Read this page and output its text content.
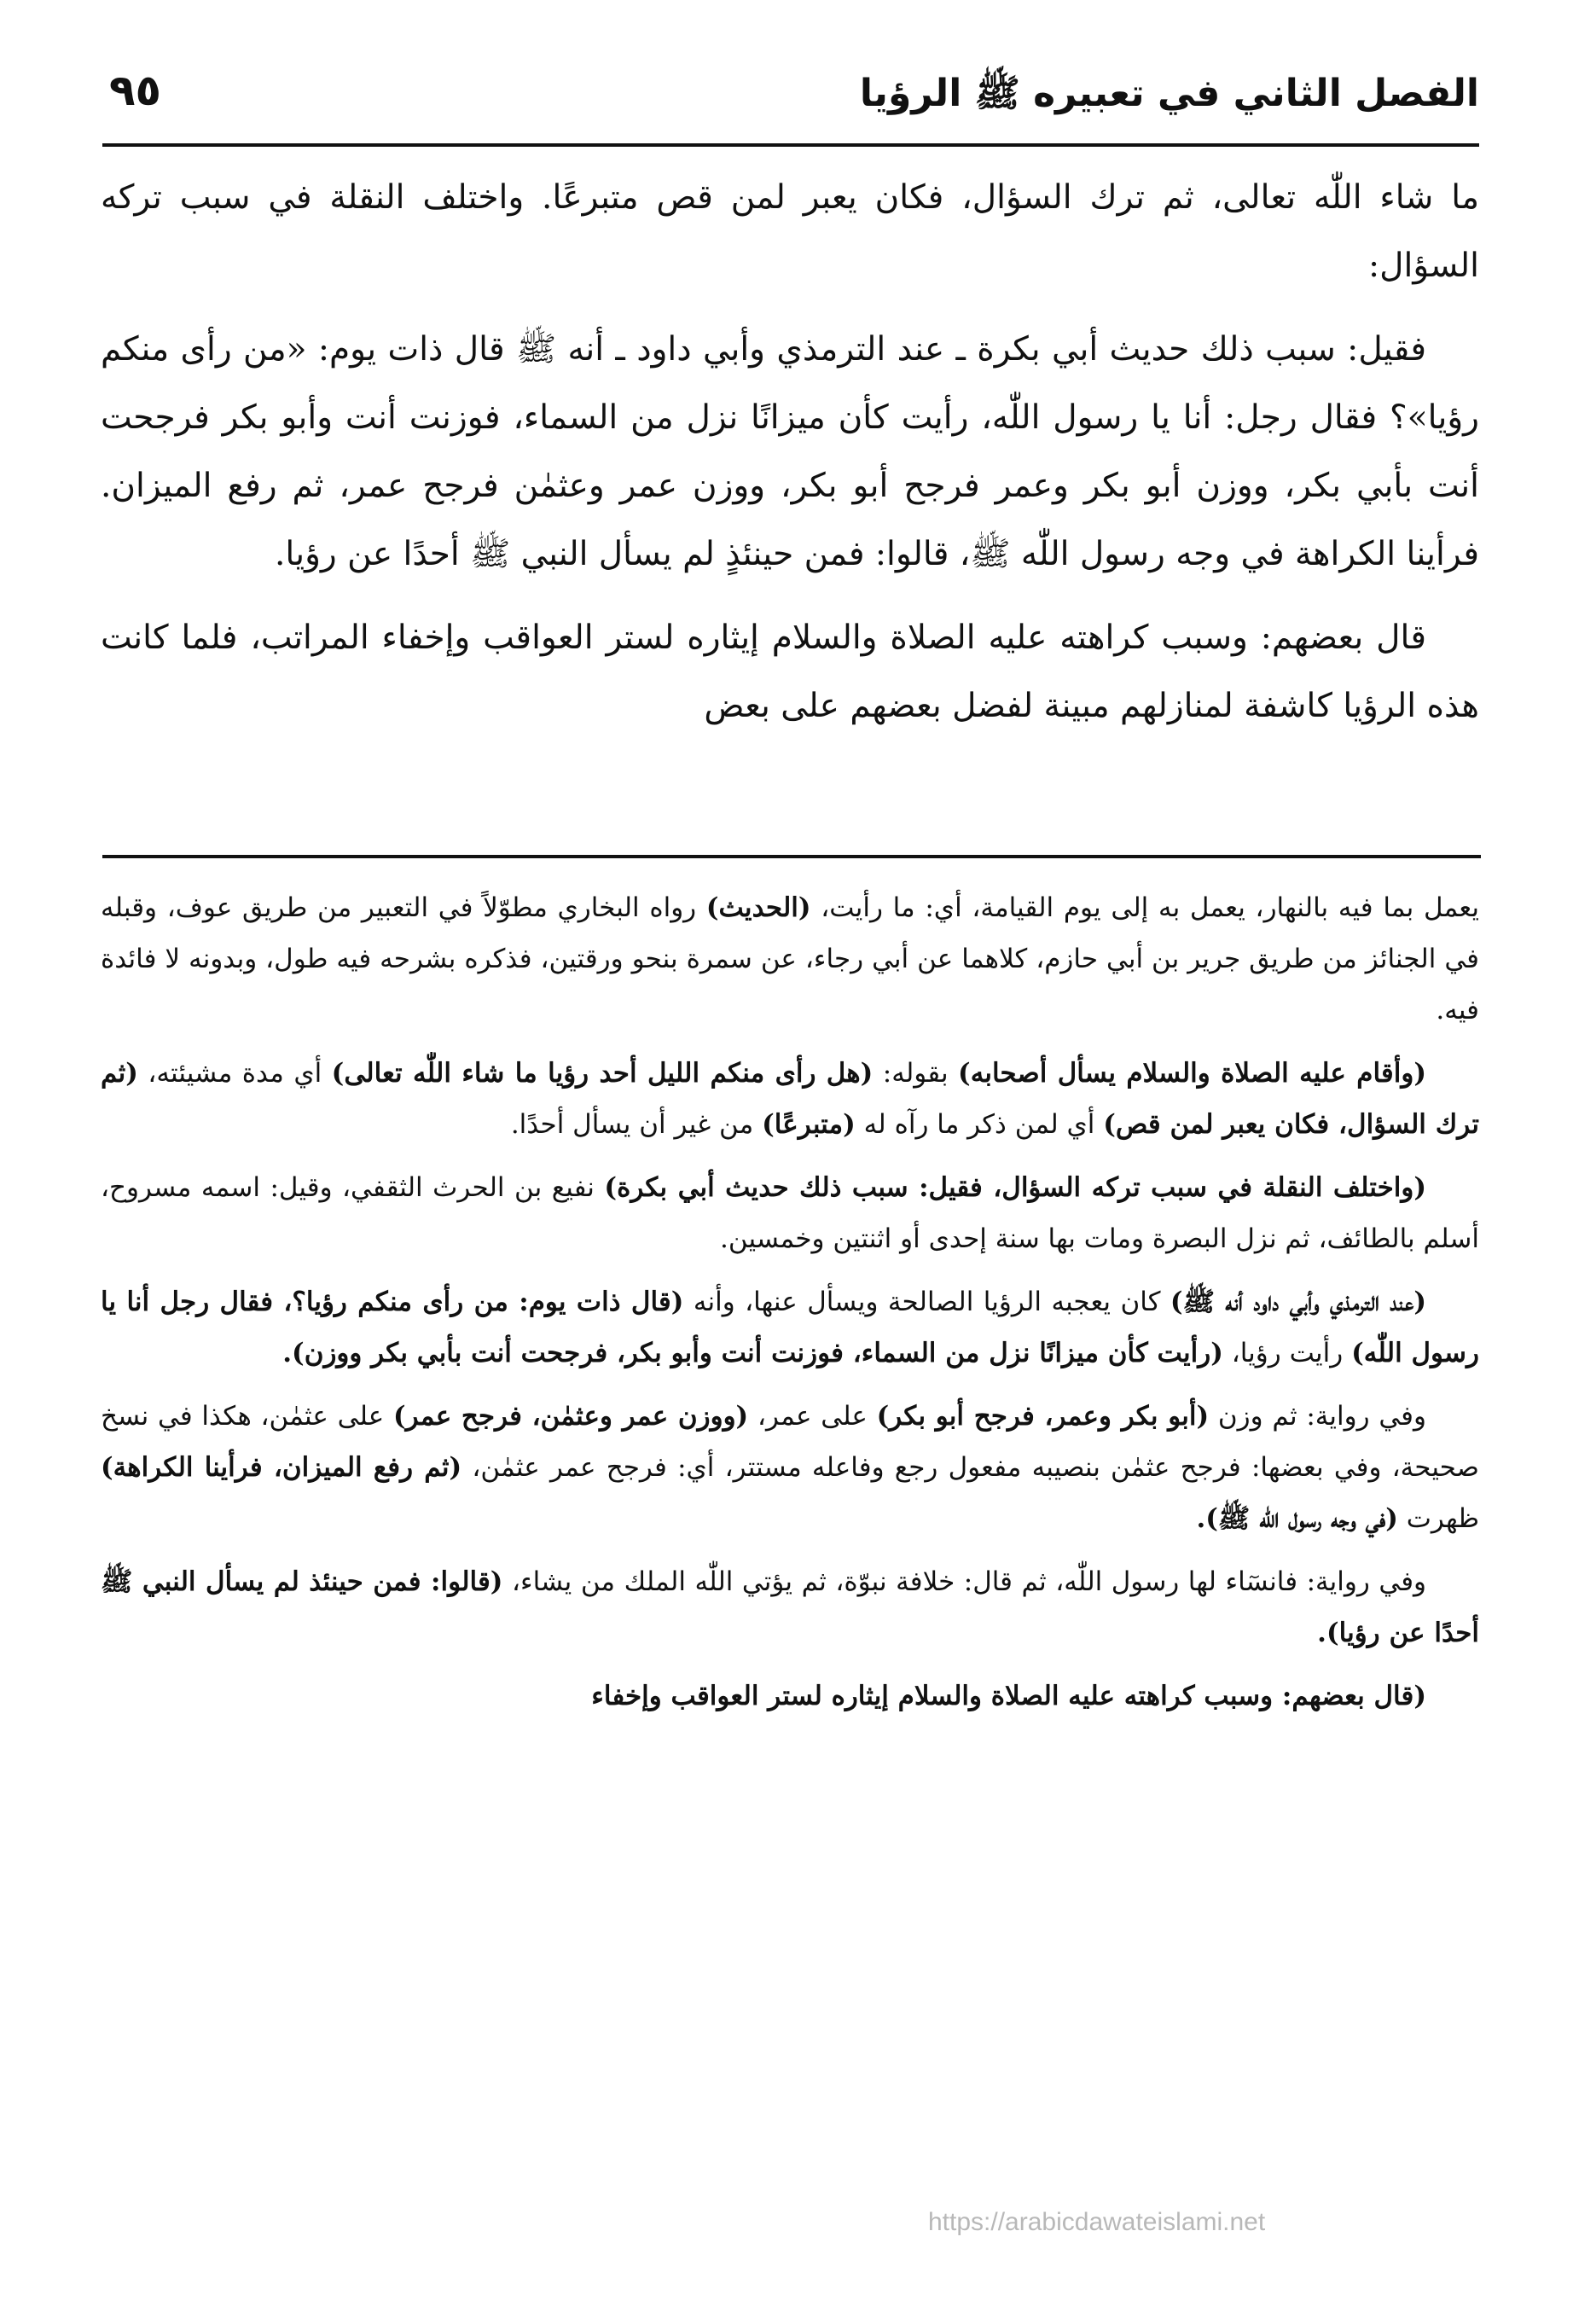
الفصل الثاني في تعبيره ﷺ الرؤيا
٩٥

ما شاء اللّٰه تعالى، ثم ترك السؤال، فكان يعبر لمن قص متبرعًا. واختلف النقلة في سبب تركه السؤال:

فقيل: سبب ذلك حديث أبي بكرة ـ عند الترمذي وأبي داود ـ أنه ﷺ قال ذات يوم: «من رأى منكم رؤيا»؟ فقال رجل: أنا يا رسول اللّٰه، رأيت كأن ميزانًا نزل من السماء، فوزنت أنت وأبو بكر فرجحت أنت بأبي بكر، ووزن أبو بكر وعمر فرجح أبو بكر، ووزن عمر وعثمٰن فرجح عمر، ثم رفع الميزان. فرأينا الكراهة في وجه رسول اللّٰه ﷺ، قالوا: فمن حينئذٍ لم يسأل النبي ﷺ أحدًا عن رؤيا.

قال بعضهم: وسبب كراهته عليه الصلاة والسلام إيثاره لستر العواقب وإخفاء المراتب، فلما كانت هذه الرؤيا كاشفة لمنازلهم مبينة لفضل بعضهم على بعض

يعمل بما فيه بالنهار، يعمل به إلى يوم القيامة، أي: ما رأيت، (الحديث) رواه البخاري مطوّلاً في التعبير من طريق عوف، وقبله في الجنائز من طريق جرير بن أبي حازم، كلاهما عن أبي رجاء، عن سمرة بنحو ورقتين، فذكره بشرحه فيه طول، وبدونه لا فائدة فيه.

(وأقام عليه الصلاة والسلام يسأل أصحابه) بقوله: (هل رأى منكم الليل أحد رؤيا ما شاء اللّٰه تعالى) أي مدة مشيئته، (ثم ترك السؤال، فكان يعبر لمن قص) أي لمن ذكر ما رآه له (متبرعًا) من غير أن يسأل أحدًا.

(واختلف النقلة في سبب تركه السؤال، فقيل: سبب ذلك حديث أبي بكرة) نفيع بن الحرث الثقفي، وقيل: اسمه مسروح، أسلم بالطائف، ثم نزل البصرة ومات بها سنة إحدى أو اثنتين وخمسين.

(عند الترمذي وأبي داود أنه ﷺ) كان يعجبه الرؤيا الصالحة ويسأل عنها، وأنه (قال ذات يوم: من رأى منكم رؤيا؟، فقال رجل أنا يا رسول اللّٰه) رأيت رؤيا، (رأيت كأن ميزانًا نزل من السماء، فوزنت أنت وأبو بكر، فرجحت أنت بأبي بكر ووزن).

وفي رواية: ثم وزن (أبو بكر وعمر، فرجح أبو بكر) على عمر، (ووزن عمر وعثمٰن، فرجح عمر) على عثمٰن، هكذا في نسخ صحيحة، وفي بعضها: فرجح عثمٰن بنصيبه مفعول رجع وفاعله مستتر، أي: فرجح عمر عثمٰن، (ثم رفع الميزان، فرأينا الكراهة) ظهرت (في وجه رسول اللّٰه ﷺ).

وفي رواية: فانسٓاء لها رسول اللّٰه، ثم قال: خلافة نبوّة، ثم يؤتي اللّٰه الملك من يشاء، (قالوا: فمن حينئذ لم يسأل النبي ﷺ أحدًا عن رؤيا).

(قال بعضهم: وسبب كراهته عليه الصلاة والسلام إيثاره لستر العواقب وإخفاء

https://arabicdawateislami.net
